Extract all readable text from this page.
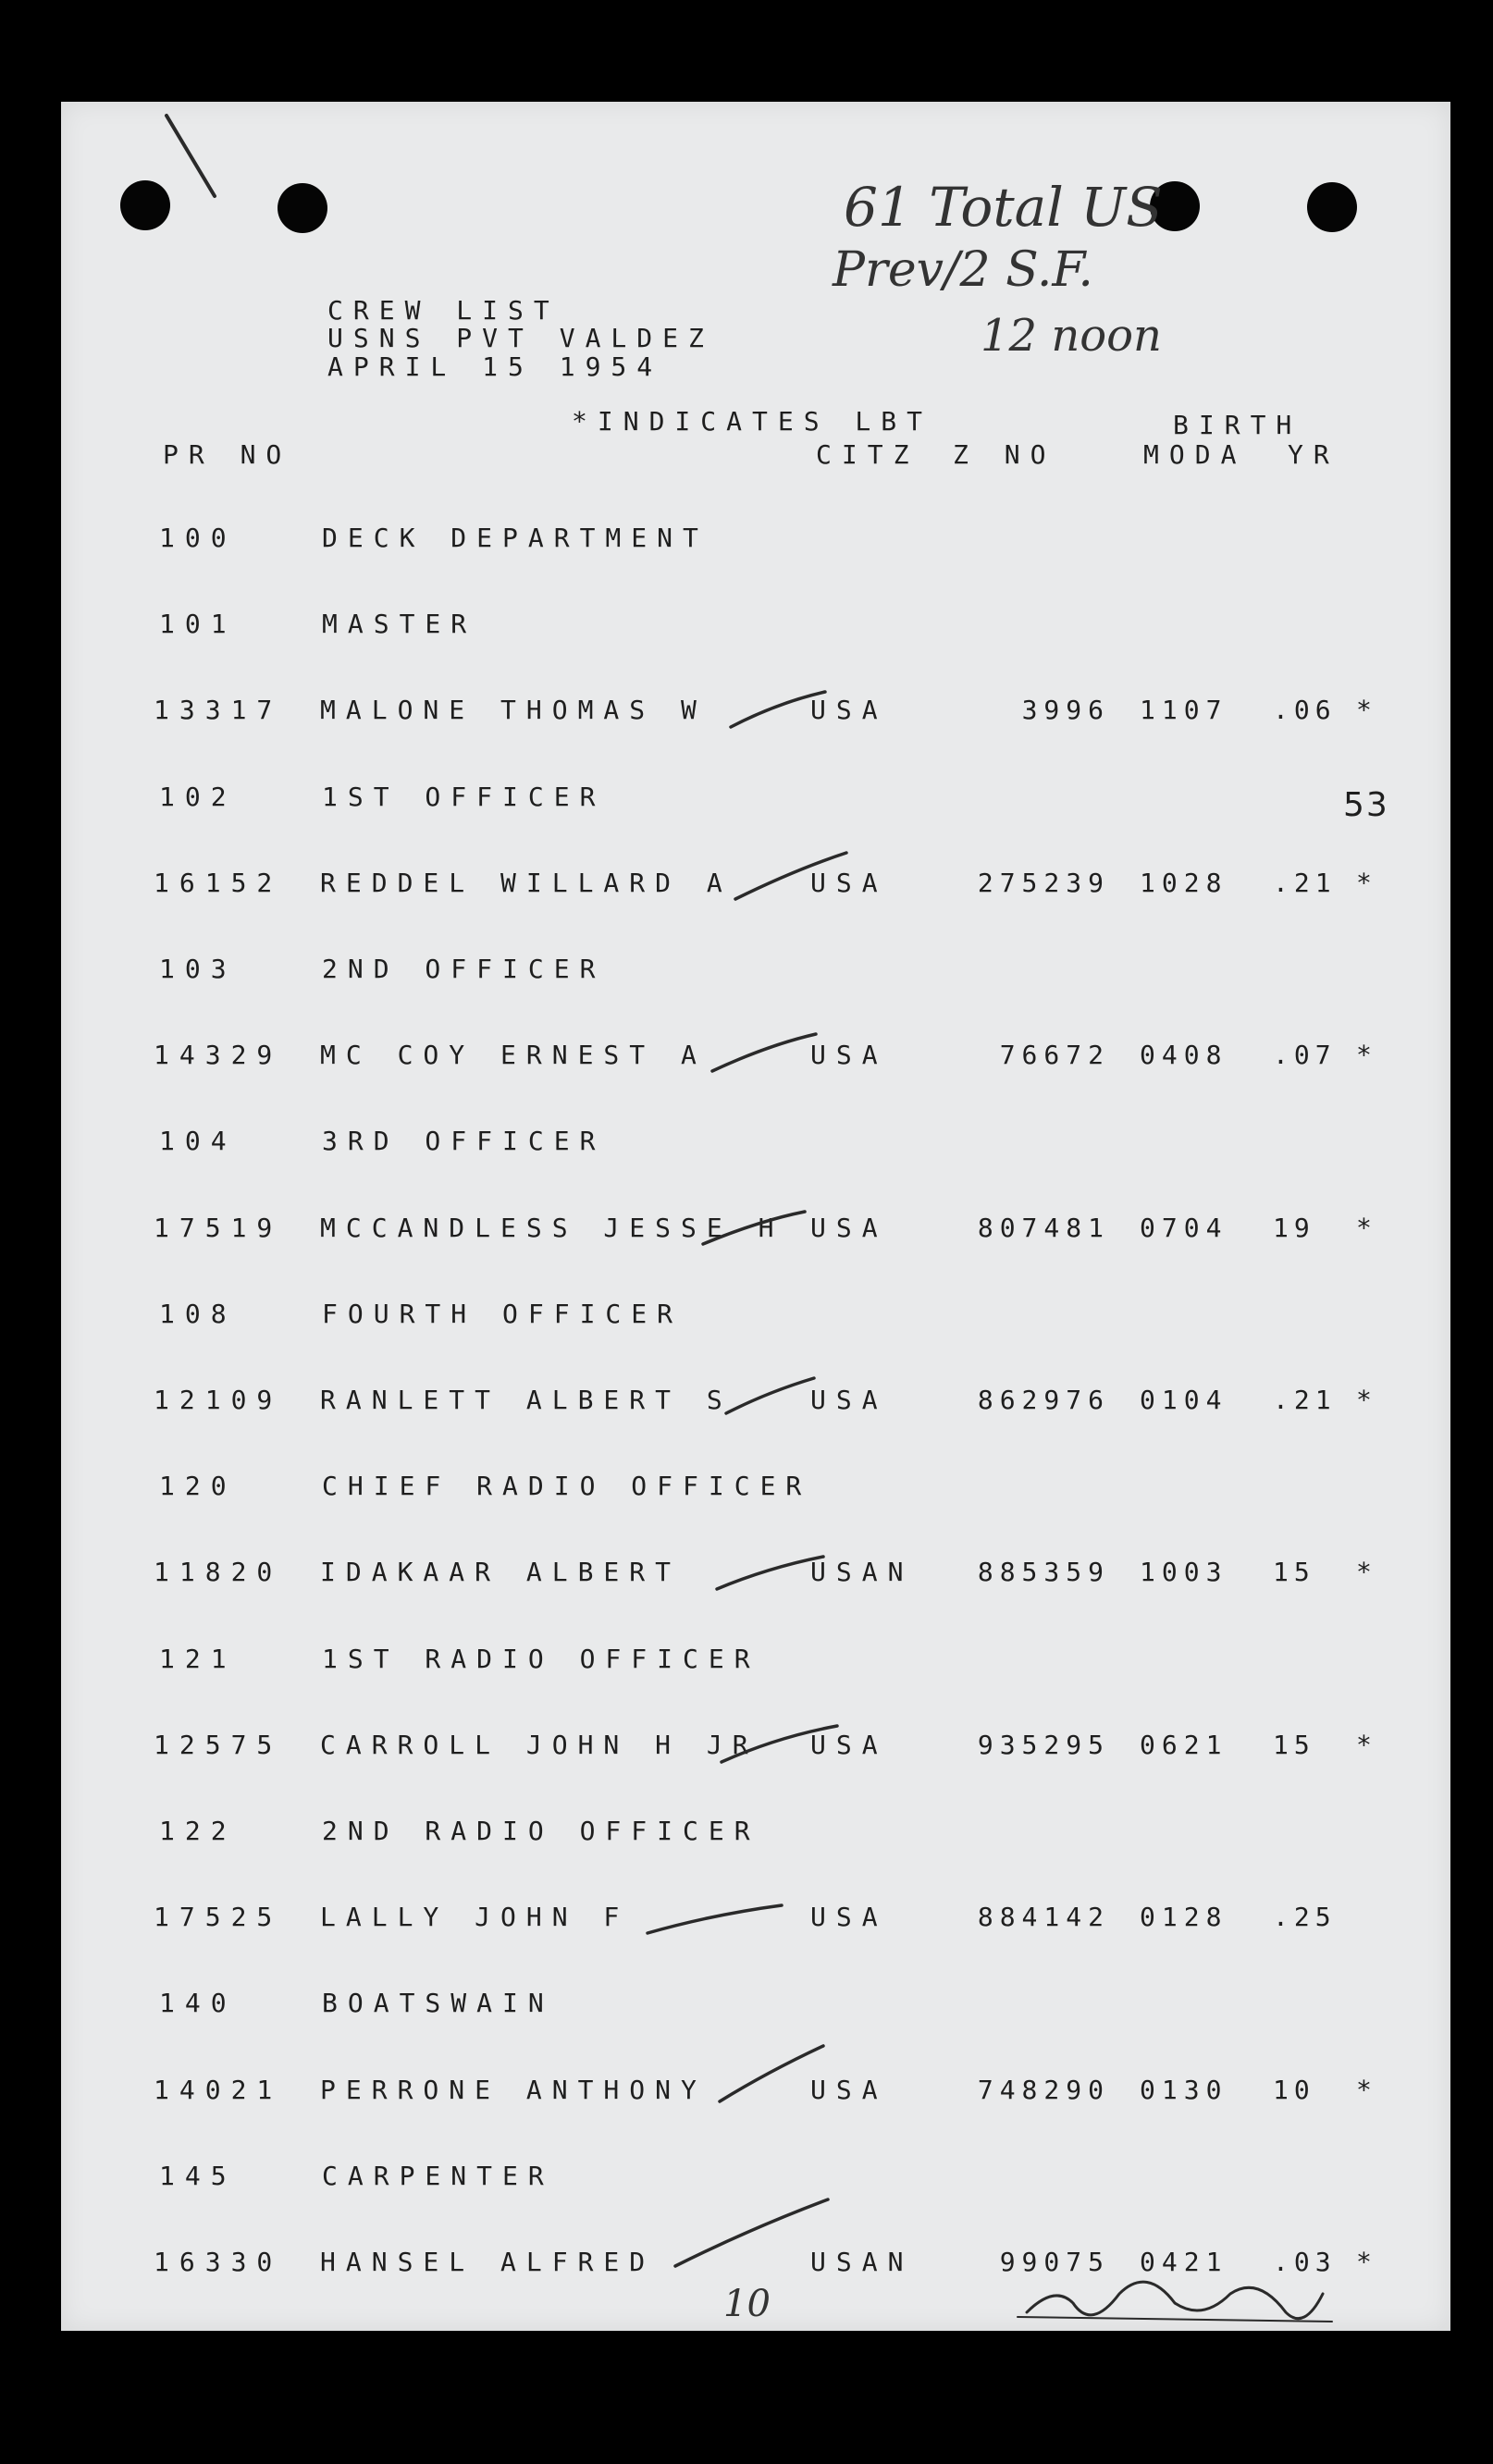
CREW LIST
USNS PVT VALDEZ
APRIL 15 1954
61 Total US
Prev/2 S.F.
12 noon
*INDICATES LBT	BIRTH
PR NO	CITZ Z NO	MODA YR
53
100	DECK DEPARTMENT
101	MASTER
13317 MALONE THOMAS W	USA	3996 1107 .06 *
102	1ST OFFICER
16152 REDDEL WILLARD A	USA	275239 1028 .21 *
103	2ND OFFICER
14329 MC COY ERNEST A	USA	76672 0408 .07 *
104	3RD OFFICER
17519 MCCANDLESS JESSE H USA	807481 0704 19 *
108	FOURTH OFFICER
12109 RANLETT ALBERT S	USA	862976 0104 .21 *
120	CHIEF RADIO OFFICER
11820 IDAKAAR ALBERT	USAN	885359 1003 15 *
121	1ST RADIO OFFICER
12575 CARROLL JOHN H JR USA	935295 0621 15 *
122	2ND RADIO OFFICER
17525 LALLY JOHN F	USA	884142 0128 .25
140	BOATSWAIN
14021 PERRONE ANTHONY	USA	748290 0130 10 *
145	CARPENTER
16330 HANSEL ALFRED	USAN	99075 0421 .03 *
10
